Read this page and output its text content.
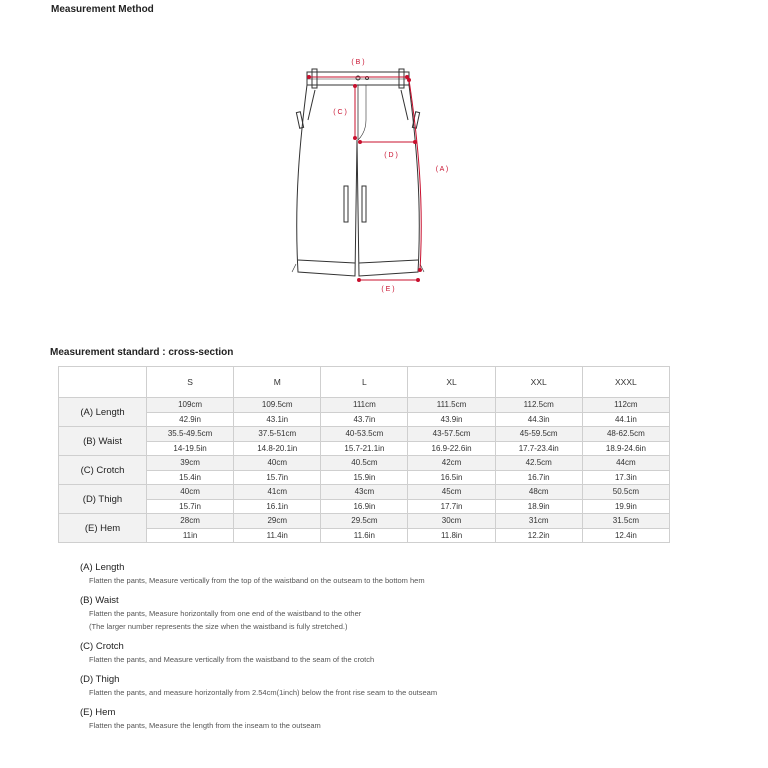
Measurement Method
( B )
( C )
( D )
( A )
( E )
Measurement standard : cross-section
	S	M	L	XL	XXL	XXXL
(A) Length	109cm	109.5cm	111cm	111.5cm	112.5cm	112cm
	42.9in	43.1in	43.7in	43.9in	44.3in	44.1in
(B) Waist	35.5-49.5cm	37.5-51cm	40-53.5cm	43-57.5cm	45-59.5cm	48-62.5cm
	14-19.5in	14.8-20.1in	15.7-21.1in	16.9-22.6in	17.7-23.4in	18.9-24.6in
(C) Crotch	39cm	40cm	40.5cm	42cm	42.5cm	44cm
	15.4in	15.7in	15.9in	16.5in	16.7in	17.3in
(D) Thigh	40cm	41cm	43cm	45cm	48cm	50.5cm
	15.7in	16.1in	16.9in	17.7in	18.9in	19.9in
(E) Hem	28cm	29cm	29.5cm	30cm	31cm	31.5cm
	11in	11.4in	11.6in	11.8in	12.2in	12.4in
(A) Length
Flatten the pants, Measure vertically from the top of the waistband on the outseam to the bottom hem
(B) Waist
Flatten the pants, Measure horizontally from one end of the waistband to the other
(The larger number represents the size when the waistband is fully stretched.)
(C) Crotch
Flatten the pants, and Measure vertically from the waistband to the seam of the crotch
(D) Thigh
Flatten the pants, and measure horizontally from 2.54cm(1inch) below the front rise seam to the outseam
(E) Hem
Flatten the pants, Measure the length from the inseam to the outseam
